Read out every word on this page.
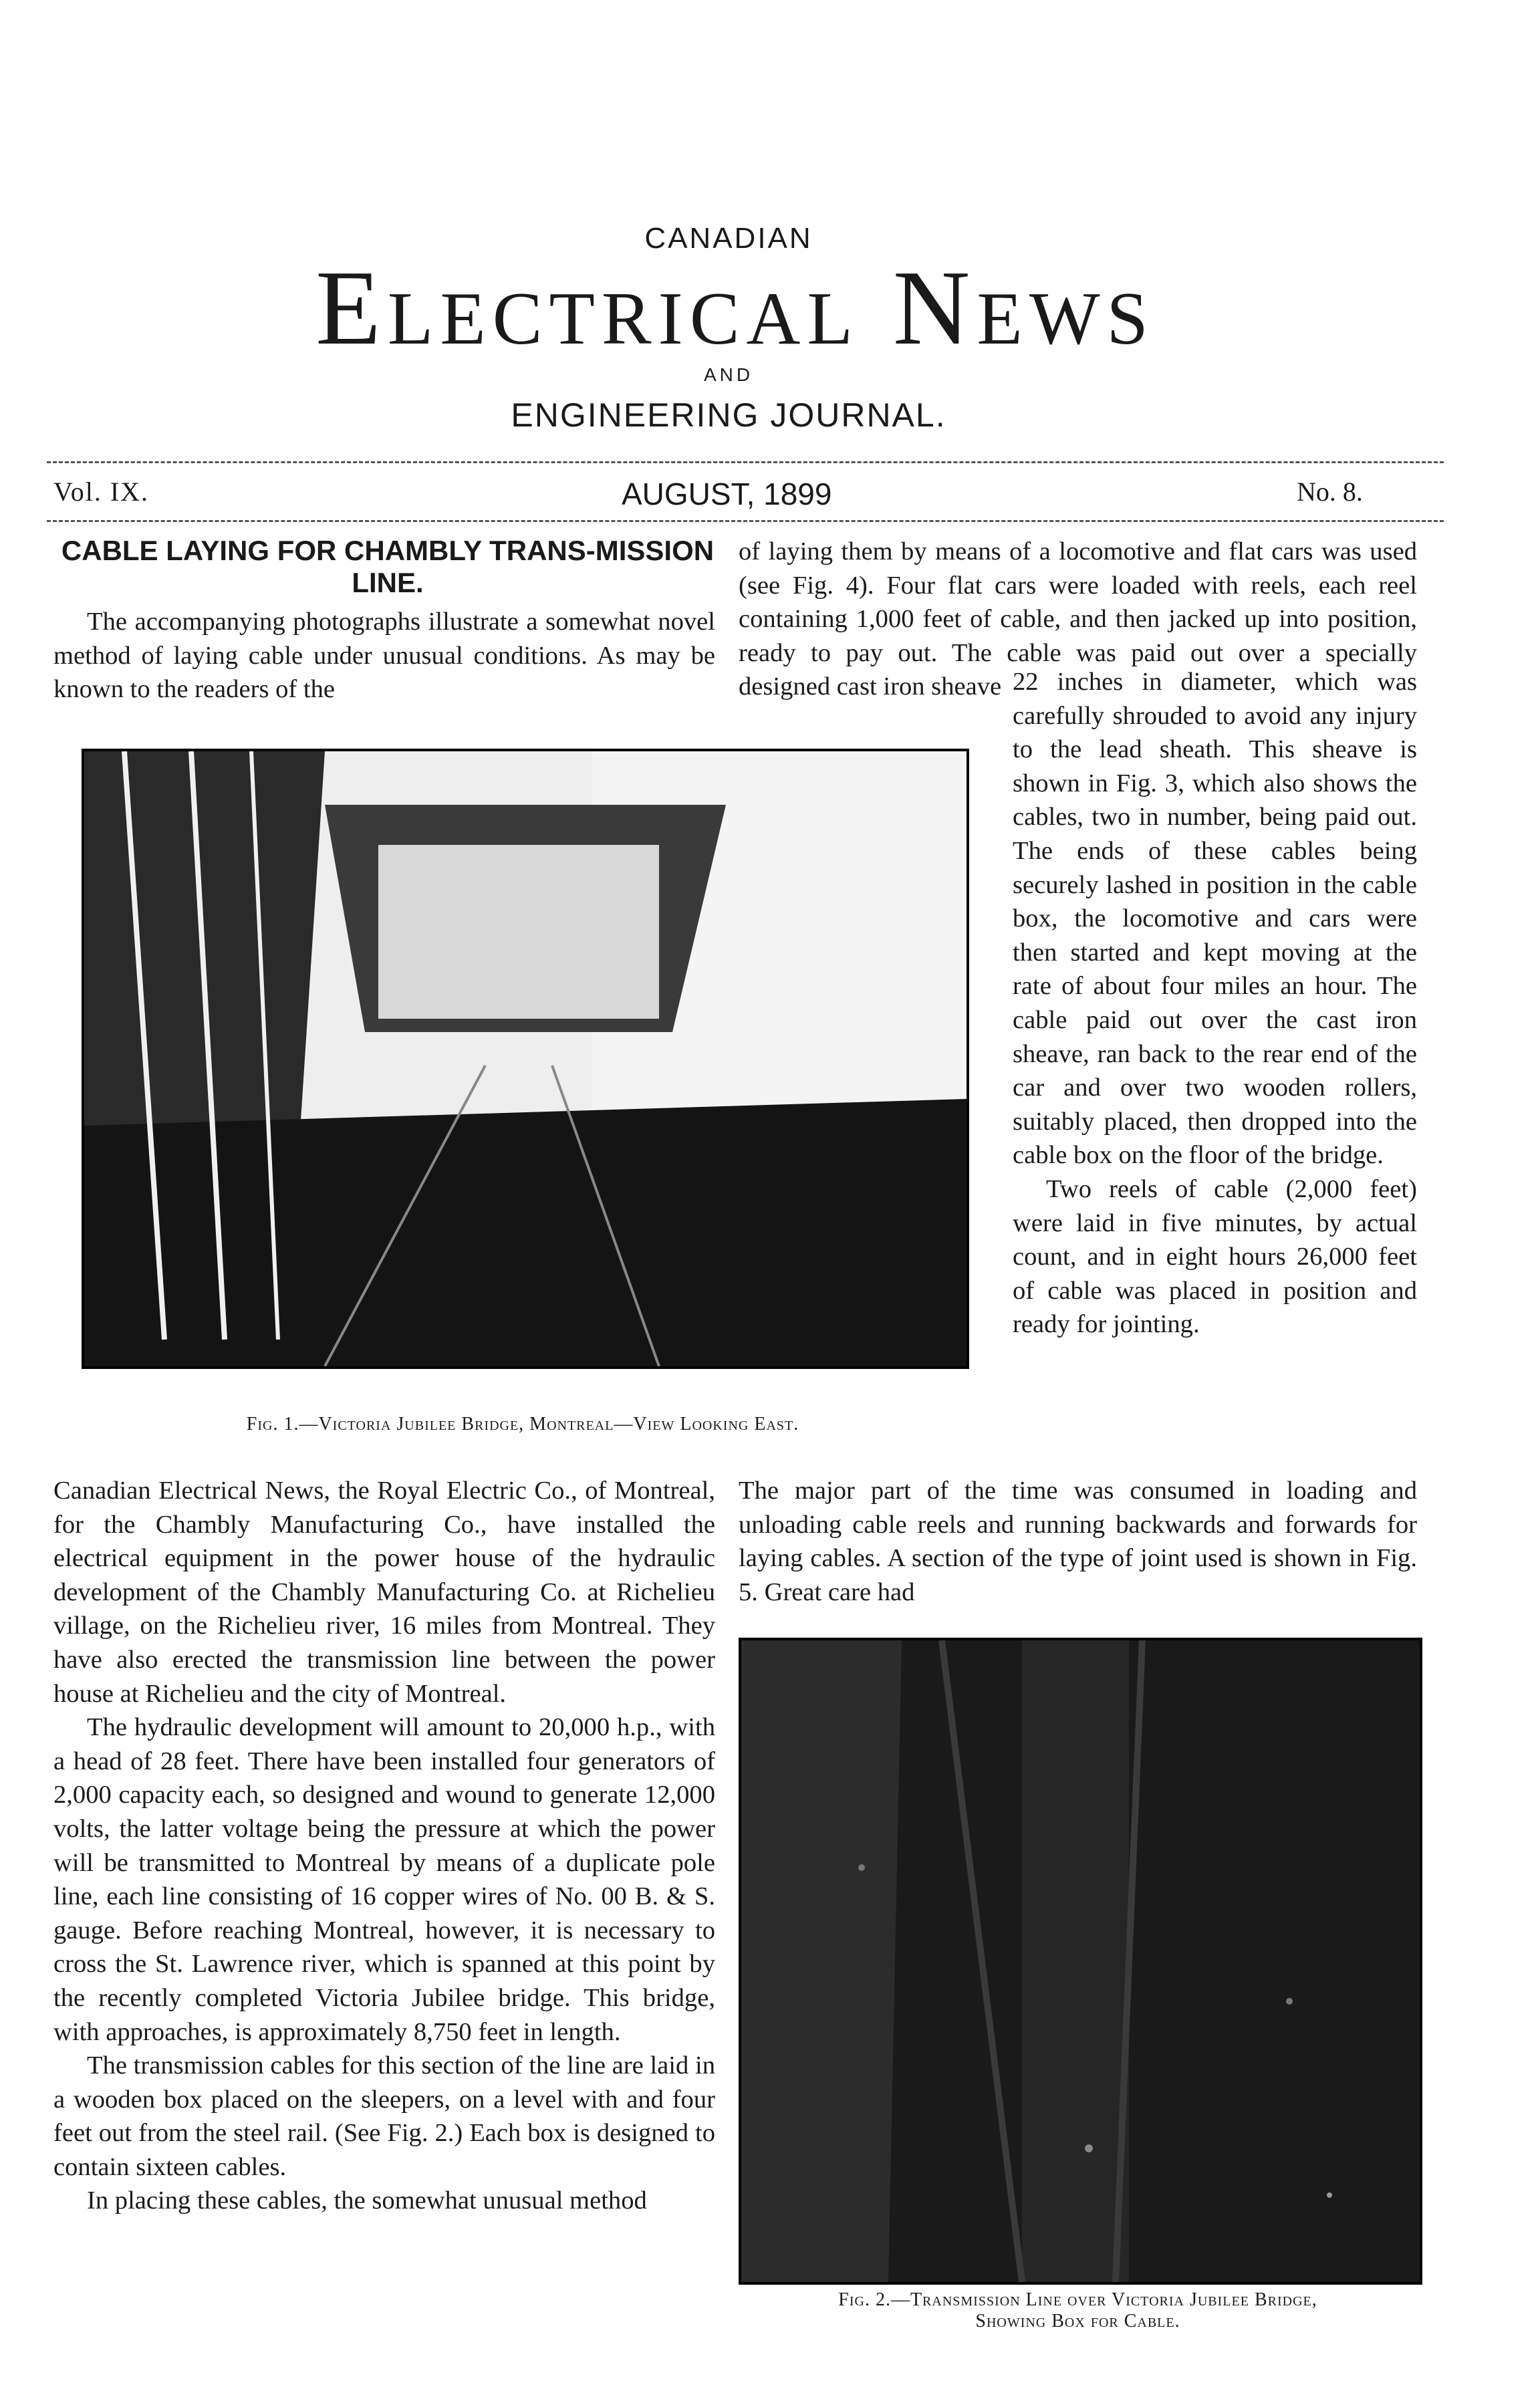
CANADIAN
Electrical News
AND
ENGINEERING JOURNAL.
Vol. IX.	AUGUST, 1899	No. 8.
CABLE LAYING FOR CHAMBLY TRANS-MISSION LINE.

The accompanying photographs illustrate a somewhat novel method of laying cable under unusual conditions. As may be known to the readers of the

Fig. 1.—Victoria Jubilee Bridge, Montreal—View Looking East.

Canadian Electrical News, the Royal Electric Co., of Montreal, for the Chambly Manufacturing Co., have installed the electrical equipment in the power house of the hydraulic development of the Chambly Manufacturing Co. at Richelieu village, on the Richelieu river, 16 miles from Montreal. They have also erected the transmission line between the power house at Richelieu and the city of Montreal.

The hydraulic development will amount to 20,000 h.p., with a head of 28 feet. There have been installed four generators of 2,000 capacity each, so designed and wound to generate 12,000 volts, the latter voltage being the pressure at which the power will be transmitted to Montreal by means of a duplicate pole line, each line consisting of 16 copper wires of No. 00 B. & S. gauge. Before reaching Montreal, however, it is necessary to cross the St. Lawrence river, which is spanned at this point by the recently completed Victoria Jubilee bridge. This bridge, with approaches, is approximately 8,750 feet in length.

The transmission cables for this section of the line are laid in a wooden box placed on the sleepers, on a level with and four feet out from the steel rail. (See Fig. 2.) Each box is designed to contain sixteen cables.

In placing these cables, the somewhat unusual method

of laying them by means of a locomotive and flat cars was used (see Fig. 4). Four flat cars were loaded with reels, each reel containing 1,000 feet of cable, and then jacked up into position, ready to pay out. The cable was paid out over a specially designed cast iron sheave 22 inches in diameter, which was carefully shrouded to avoid any injury to the lead sheath. This sheave is shown in Fig. 3, which also shows the cables, two in number, being paid out. The ends of these cables being securely lashed in position in the cable box, the locomotive and cars were then started and kept moving at the rate of about four miles an hour. The cable paid out over the cast iron sheave, ran back to the rear end of the car and over two wooden rollers, suitably placed, then dropped into the cable box on the floor of the bridge.

Two reels of cable (2,000 feet) were laid in five minutes, by actual count, and in eight hours 26,000 feet of cable was placed in position and ready for jointing.

The major part of the time was consumed in loading and unloading cable reels and running backwards and forwards for laying cables. A section of the type of joint used is shown in Fig. 5. Great care had

Fig. 2.—Transmission Line over Victoria Jubilee Bridge,
Showing Box for Cable.
